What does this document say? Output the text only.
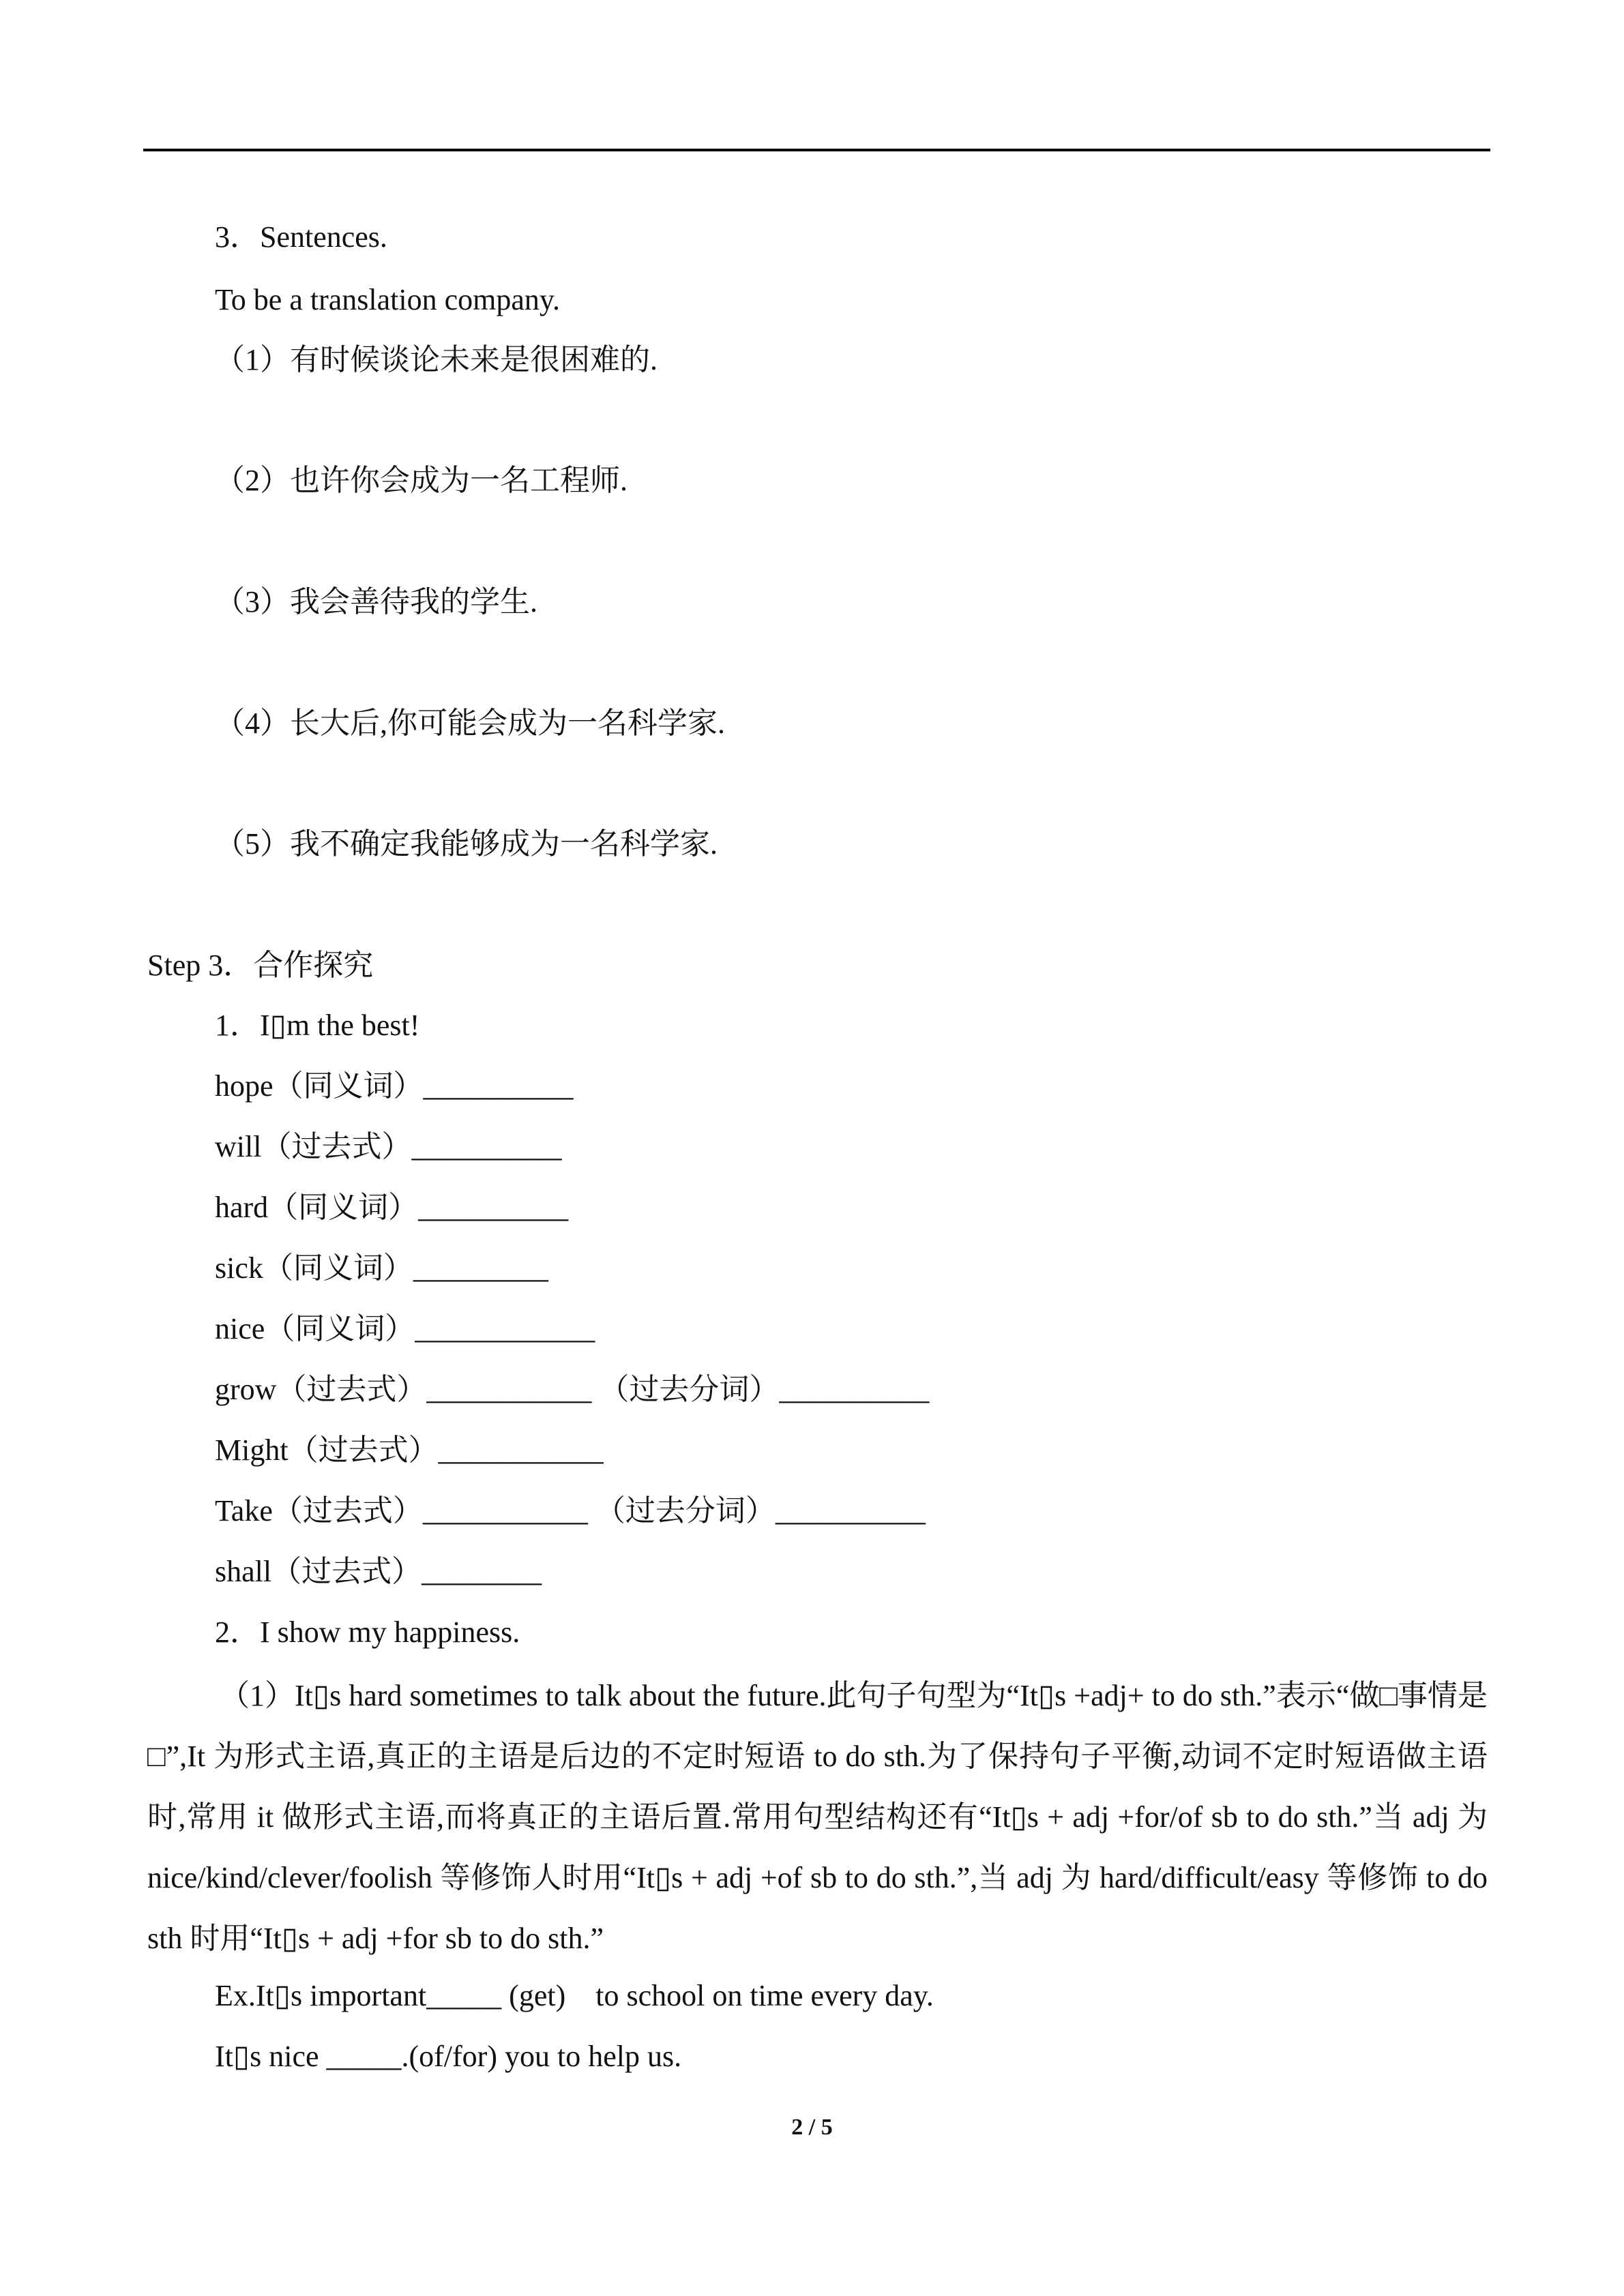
3．Sentences.
To be a translation company.
（1）有时候谈论未来是很困难的.
（2）也许你会成为一名工程师.
（3）我会善待我的学生.
（4）长大后,你可能会成为一名科学家.
（5）我不确定我能够成为一名科学家.
Step 3．合作探究
1．I▯m the best!
hope（同义词）__________
will（过去式）__________
hard（同义词）__________
sick（同义词）_________
nice（同义词）____________
grow（过去式）___________ （过去分词）__________
Might（过去式）___________
Take（过去式）___________ （过去分词）__________
shall（过去式）________
2．I show my happiness.
（1）It▯s hard sometimes to talk about the future.此句子句型为“It▯s +adj+ to do sth.”表示“做□事情是□”,It 为形式主语,真正的主语是后边的不定时短语 to do sth.为了保持句子平衡,动词不定时短语做主语时,常用 it 做形式主语,而将真正的主语后置.常用句型结构还有“It▯s + adj +for/of sb to do sth.”当 adj 为 nice/kind/clever/foolish 等修饰人时用“It▯s + adj +of sb to do sth.”,当 adj 为 hard/difficult/easy 等修饰 to do sth 时用“It▯s + adj +for sb to do sth.”
Ex.It▯s important_____ (get)    to school on time every day.
It▯s nice _____.(of/for) you to help us.
2 / 5
